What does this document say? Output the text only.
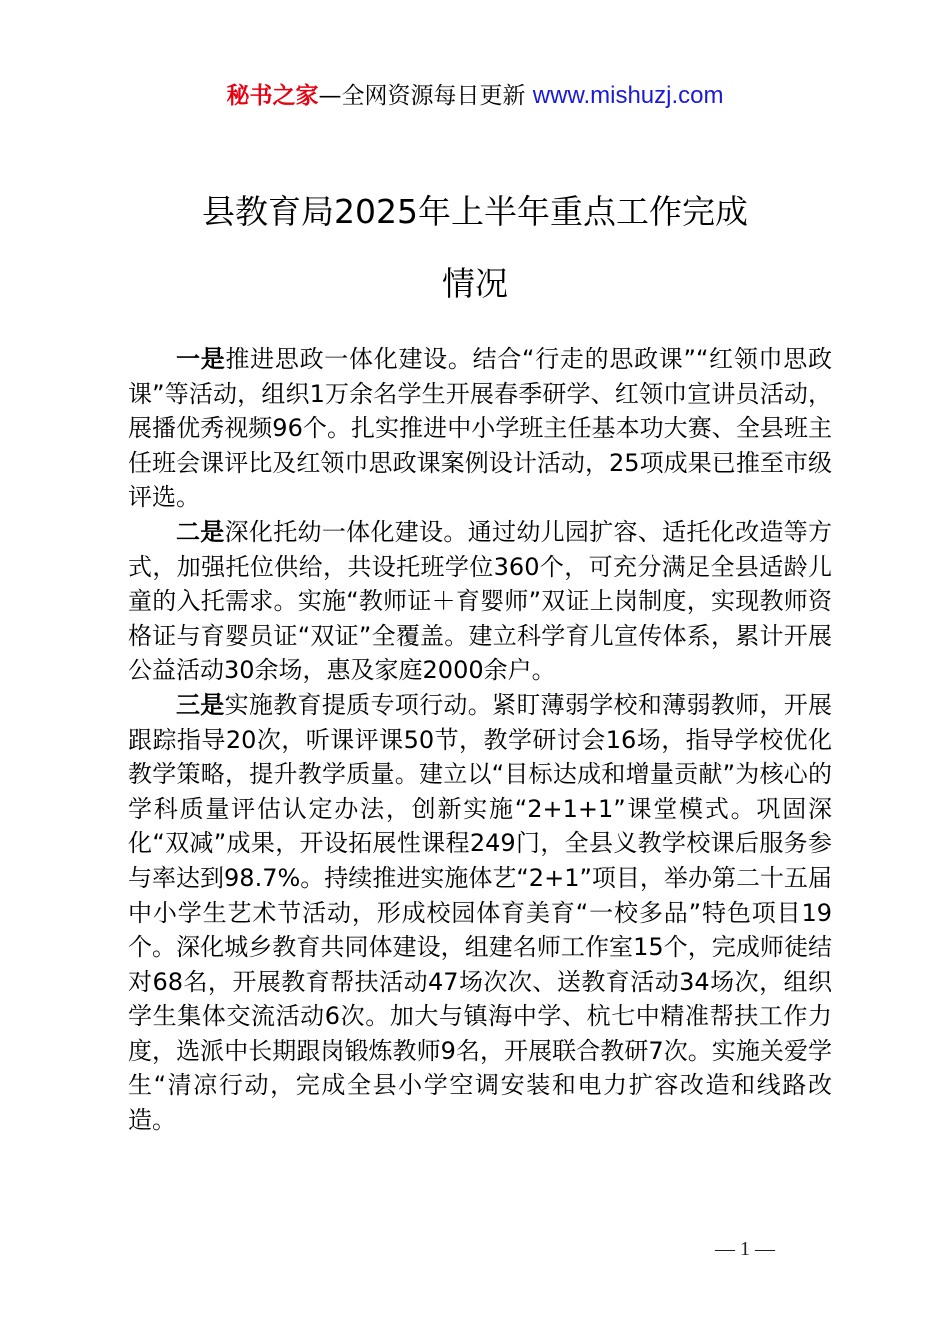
秘书之家—全网资源每日更新 www.mishuzj.com
县教育局2025年上半年重点工作完成
情况

一是推进思政一体化建设。结合“行走的思政课”“红领巾思政课”等活动，组织1万余名学生开展春季研学、红领巾宣讲员活动，展播优秀视频96个。扎实推进中小学班主任基本功大赛、全县班主任班会课评比及红领巾思政课案例设计活动，25项成果已推至市级评选。

二是深化托幼一体化建设。通过幼儿园扩容、适托化改造等方式，加强托位供给，共设托班学位360个，可充分满足全县适龄儿童的入托需求。实施“教师证＋育婴师”双证上岗制度，实现教师资格证与育婴员证“双证”全覆盖。建立科学育儿宣传体系，累计开展公益活动30余场，惠及家庭2000余户。

三是实施教育提质专项行动。紧盯薄弱学校和薄弱教师，开展跟踪指导20次，听课评课50节，教学研讨会16场，指导学校优化教学策略，提升教学质量。建立以“目标达成和增量贡献”为核心的学科质量评估认定办法，创新实施“2+1+1”课堂模式。巩固深化“双减”成果，开设拓展性课程249门，全县义教学校课后服务参与率达到98.7%。持续推进实施体艺“2+1”项目，举办第二十五届中小学生艺术节活动，形成校园体育美育“一校多品”特色项目19个。深化城乡教育共同体建设，组建名师工作室15个，完成师徒结对68名，开展教育帮扶活动47场次次、送教育活动34场次，组织学生集体交流活动6次。加大与镇海中学、杭七中精准帮扶工作力度，选派中长期跟岗锻炼教师9名，开展联合教研7次。实施关爱学生“清凉行动，完成全县小学空调安装和电力扩容改造和线路改造。

— 1 —
